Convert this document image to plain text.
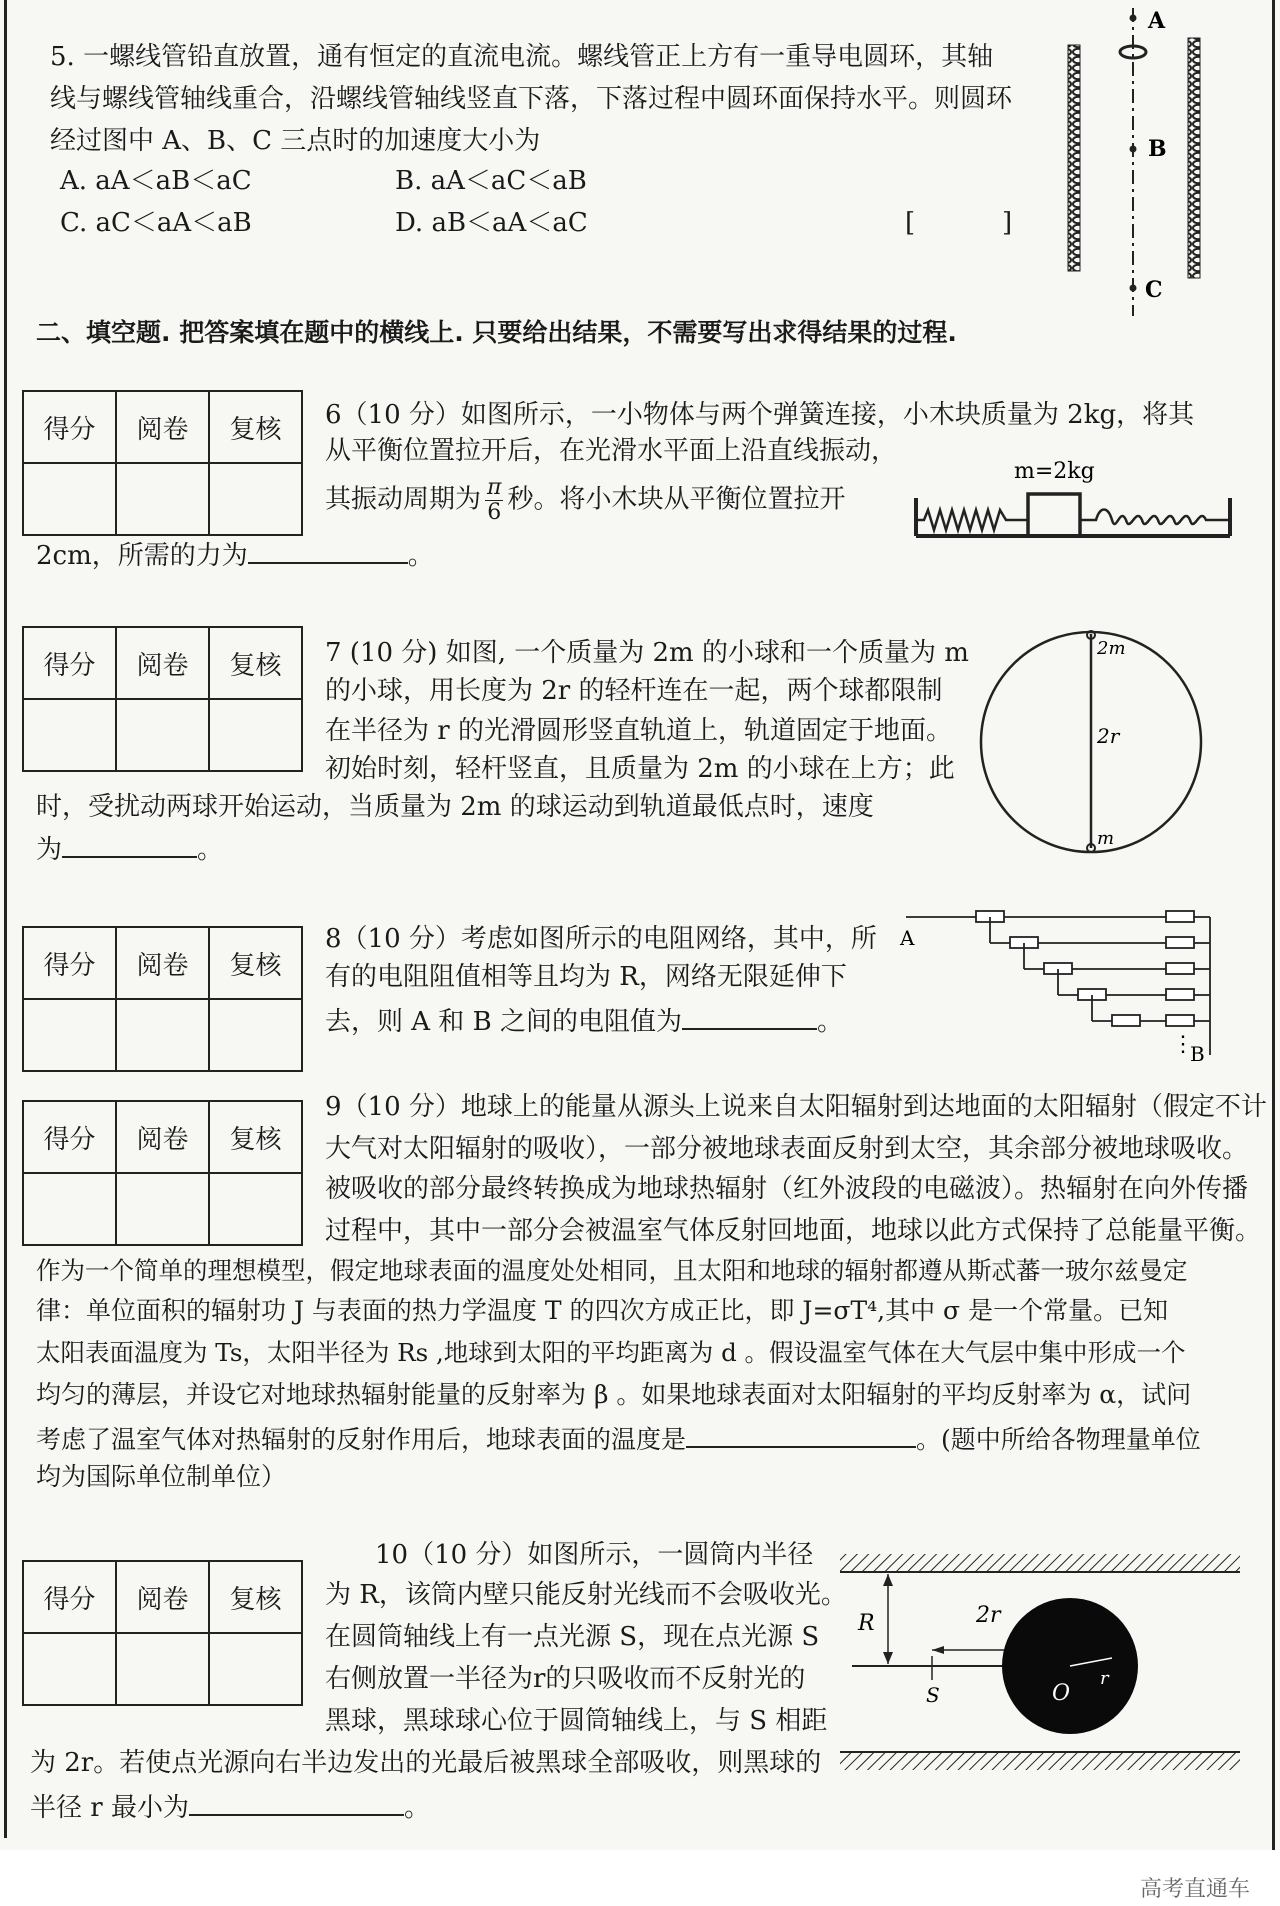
5. 一螺线管铅直放置，通有恒定的直流电流。螺线管正上方有一重导电圆环，其轴
线与螺线管轴线重合，沿螺线管轴线竖直下落，下落过程中圆环面保持水平。则圆环
经过图中 A、B、C 三点时的加速度大小为
A. aA＜aB＜aC	B. aA＜aC＜aB
C. aC＜aA＜aB	D. aB＜aA＜aC	[	]
A
B
C
二、填空题. 把答案填在题中的横线上. 只要给出结果，不需要写出求得结果的过程.
得分	阅卷	复核
		6（10 分）如图所示，一小物体与两个弹簧连接，小木块质量为 2kg，将其
从平衡位置拉开后，在光滑水平面上沿直线振动，
其振动周期为 $\frac{\pi}{6}$ 秒。将小木块从平衡位置拉开
2cm，所需的力为	。
m=2kg
得分	阅卷	复核
		7 (10 分) 如图, 一个质量为 2m 的小球和一个质量为 m
的小球，用长度为 2r 的轻杆连在一起，两个球都限制
在半径为 r 的光滑圆形竖直轨道上，轨道固定于地面。
初始时刻，轻杆竖直，且质量为 2m 的小球在上方；此
时，受扰动两球开始运动，当质量为 2m 的球运动到轨道最低点时，速度
为	。
2m
2r
m
得分	阅卷	复核

8（10 分）考虑如图所示的电阻网络，其中，所
有的电阻阻值相等且均为 R，网络无限延伸下
去，则 A 和 B 之间的电阻值为	。
A
B
⋮
得分	阅卷	复核

9（10 分）地球上的能量从源头上说来自太阳辐射到达地面的太阳辐射（假定不计
大气对太阳辐射的吸收），一部分被地球表面反射到太空，其余部分被地球吸收。
被吸收的部分最终转换成为地球热辐射（红外波段的电磁波）。热辐射在向外传播
过程中，其中一部分会被温室气体反射回地面，地球以此方式保持了总能量平衡。
作为一个简单的理想模型，假定地球表面的温度处处相同，且太阳和地球的辐射都遵从斯忒蕃一玻尔兹曼定
律：单位面积的辐射功 J 与表面的热力学温度 T 的四次方成正比，即 J=σT⁴,其中 σ 是一个常量。已知
太阳表面温度为 Ts，太阳半径为 Rs ,地球到太阳的平均距离为 d 。假设温室气体在大气层中集中形成一个
均匀的薄层，并设它对地球热辐射能量的反射率为 β 。如果地球表面对太阳辐射的平均反射率为 α，试问
考虑了温室气体对热辐射的反射作用后，地球表面的温度是	。(题中所给各物理量单位
均为国际单位制单位）
得分	阅卷	复核

10（10 分）如图所示，一圆筒内半径
为 R，该筒内壁只能反射光线而不会吸收光。
在圆筒轴线上有一点光源 S，现在点光源 S
右侧放置一半径为r的只吸收而不反射光的
黑球，黑球球心位于圆筒轴线上，与 S 相距
为 2r。若使点光源向右半边发出的光最后被黑球全部吸收，则黑球的
半径 r 最小为	。
R	2r
S	O
r
高考直通车
